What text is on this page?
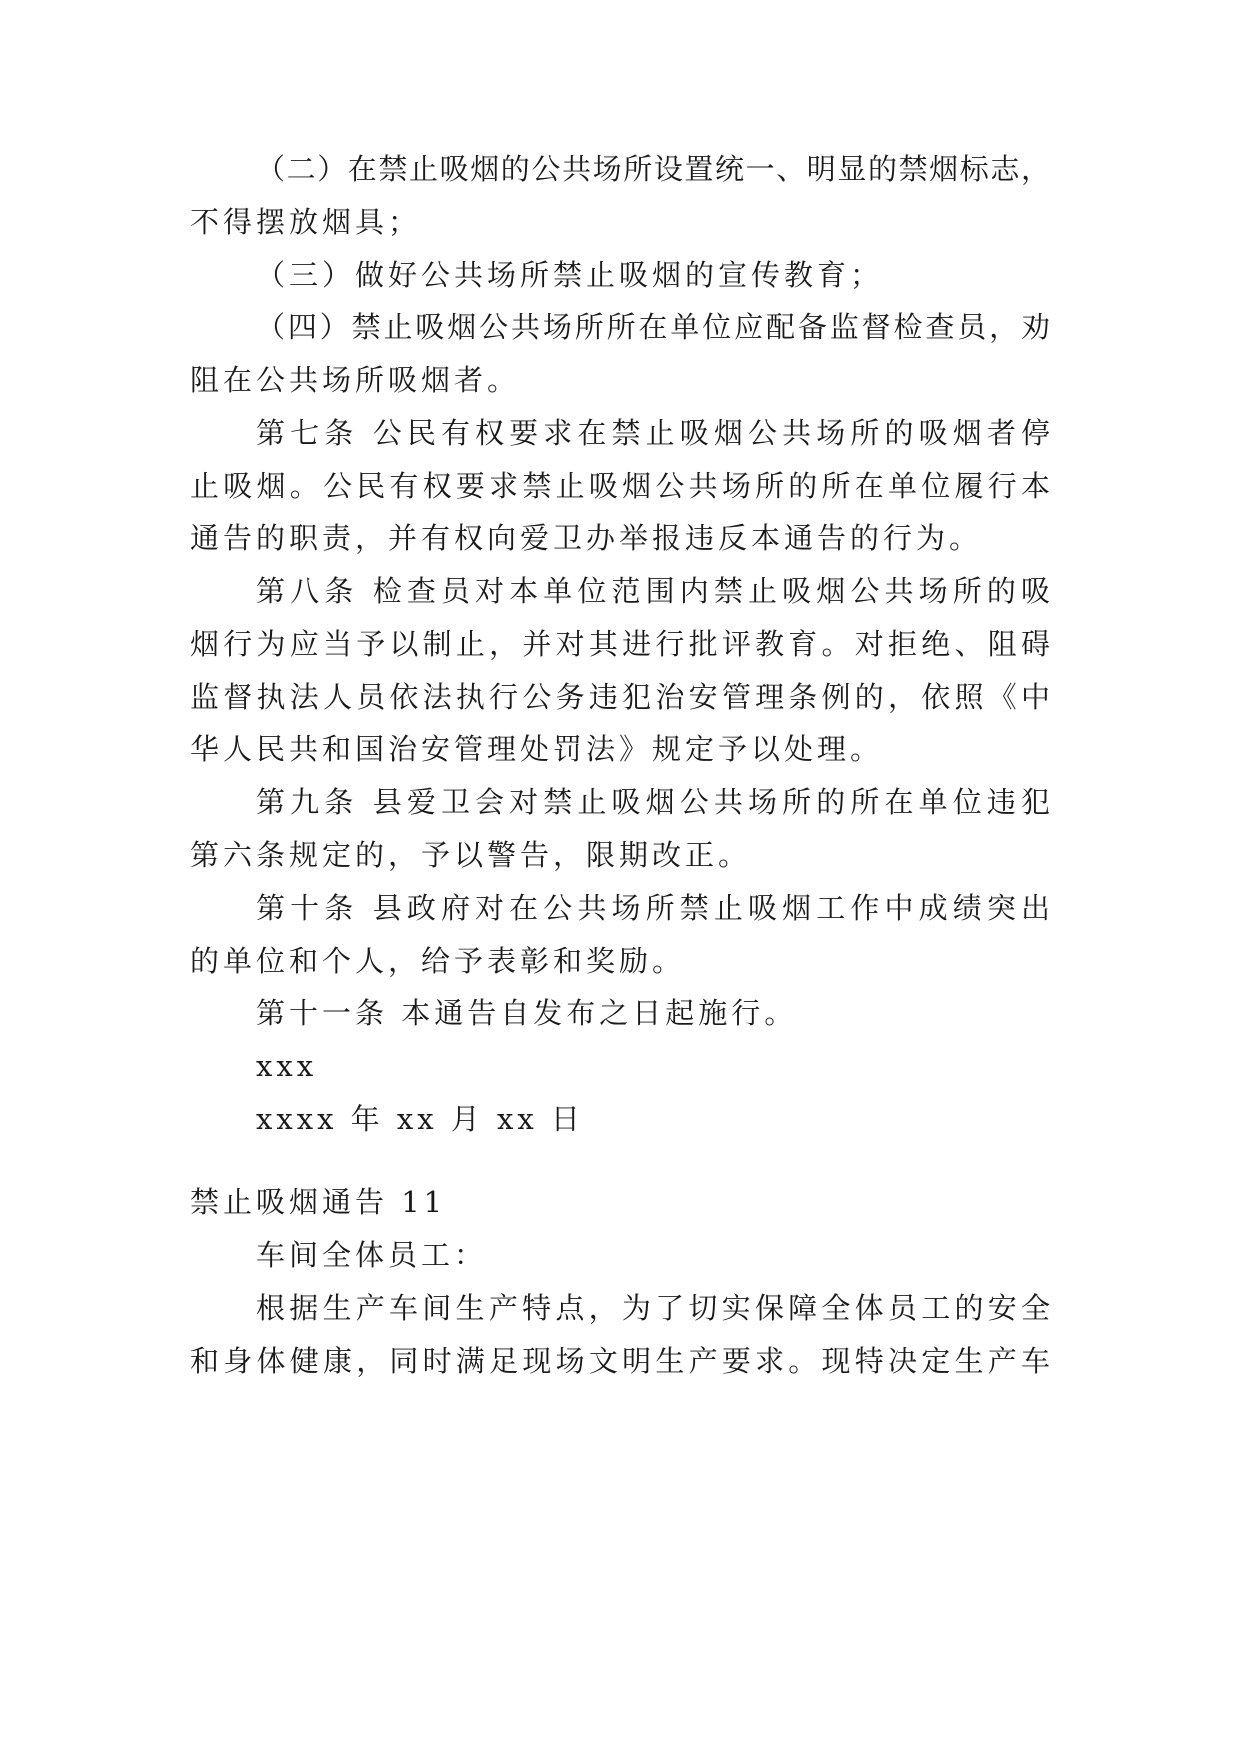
（二）在禁止吸烟的公共场所设置统一、明显的禁烟标志，

不得摆放烟具；

（三）做好公共场所禁止吸烟的宣传教育；

（四）禁止吸烟公共场所所在单位应配备监督检查员，劝

阻在公共场所吸烟者。

第七条 公民有权要求在禁止吸烟公共场所的吸烟者停

止吸烟。公民有权要求禁止吸烟公共场所的所在单位履行本

通告的职责，并有权向爱卫办举报违反本通告的行为。

第八条 检查员对本单位范围内禁止吸烟公共场所的吸

烟行为应当予以制止，并对其进行批评教育。对拒绝、阻碍

监督执法人员依法执行公务违犯治安管理条例的，依照《中

华人民共和国治安管理处罚法》规定予以处理。

第九条 县爱卫会对禁止吸烟公共场所的所在单位违犯

第六条规定的，予以警告，限期改正。

第十条 县政府对在公共场所禁止吸烟工作中成绩突出

的单位和个人，给予表彰和奖励。

第十一条 本通告自发布之日起施行。

xxx

xxxx 年 xx 月 xx 日

禁止吸烟通告 11

车间全体员工：

根据生产车间生产特点，为了切实保障全体员工的安全

和身体健康，同时满足现场文明生产要求。现特决定生产车
